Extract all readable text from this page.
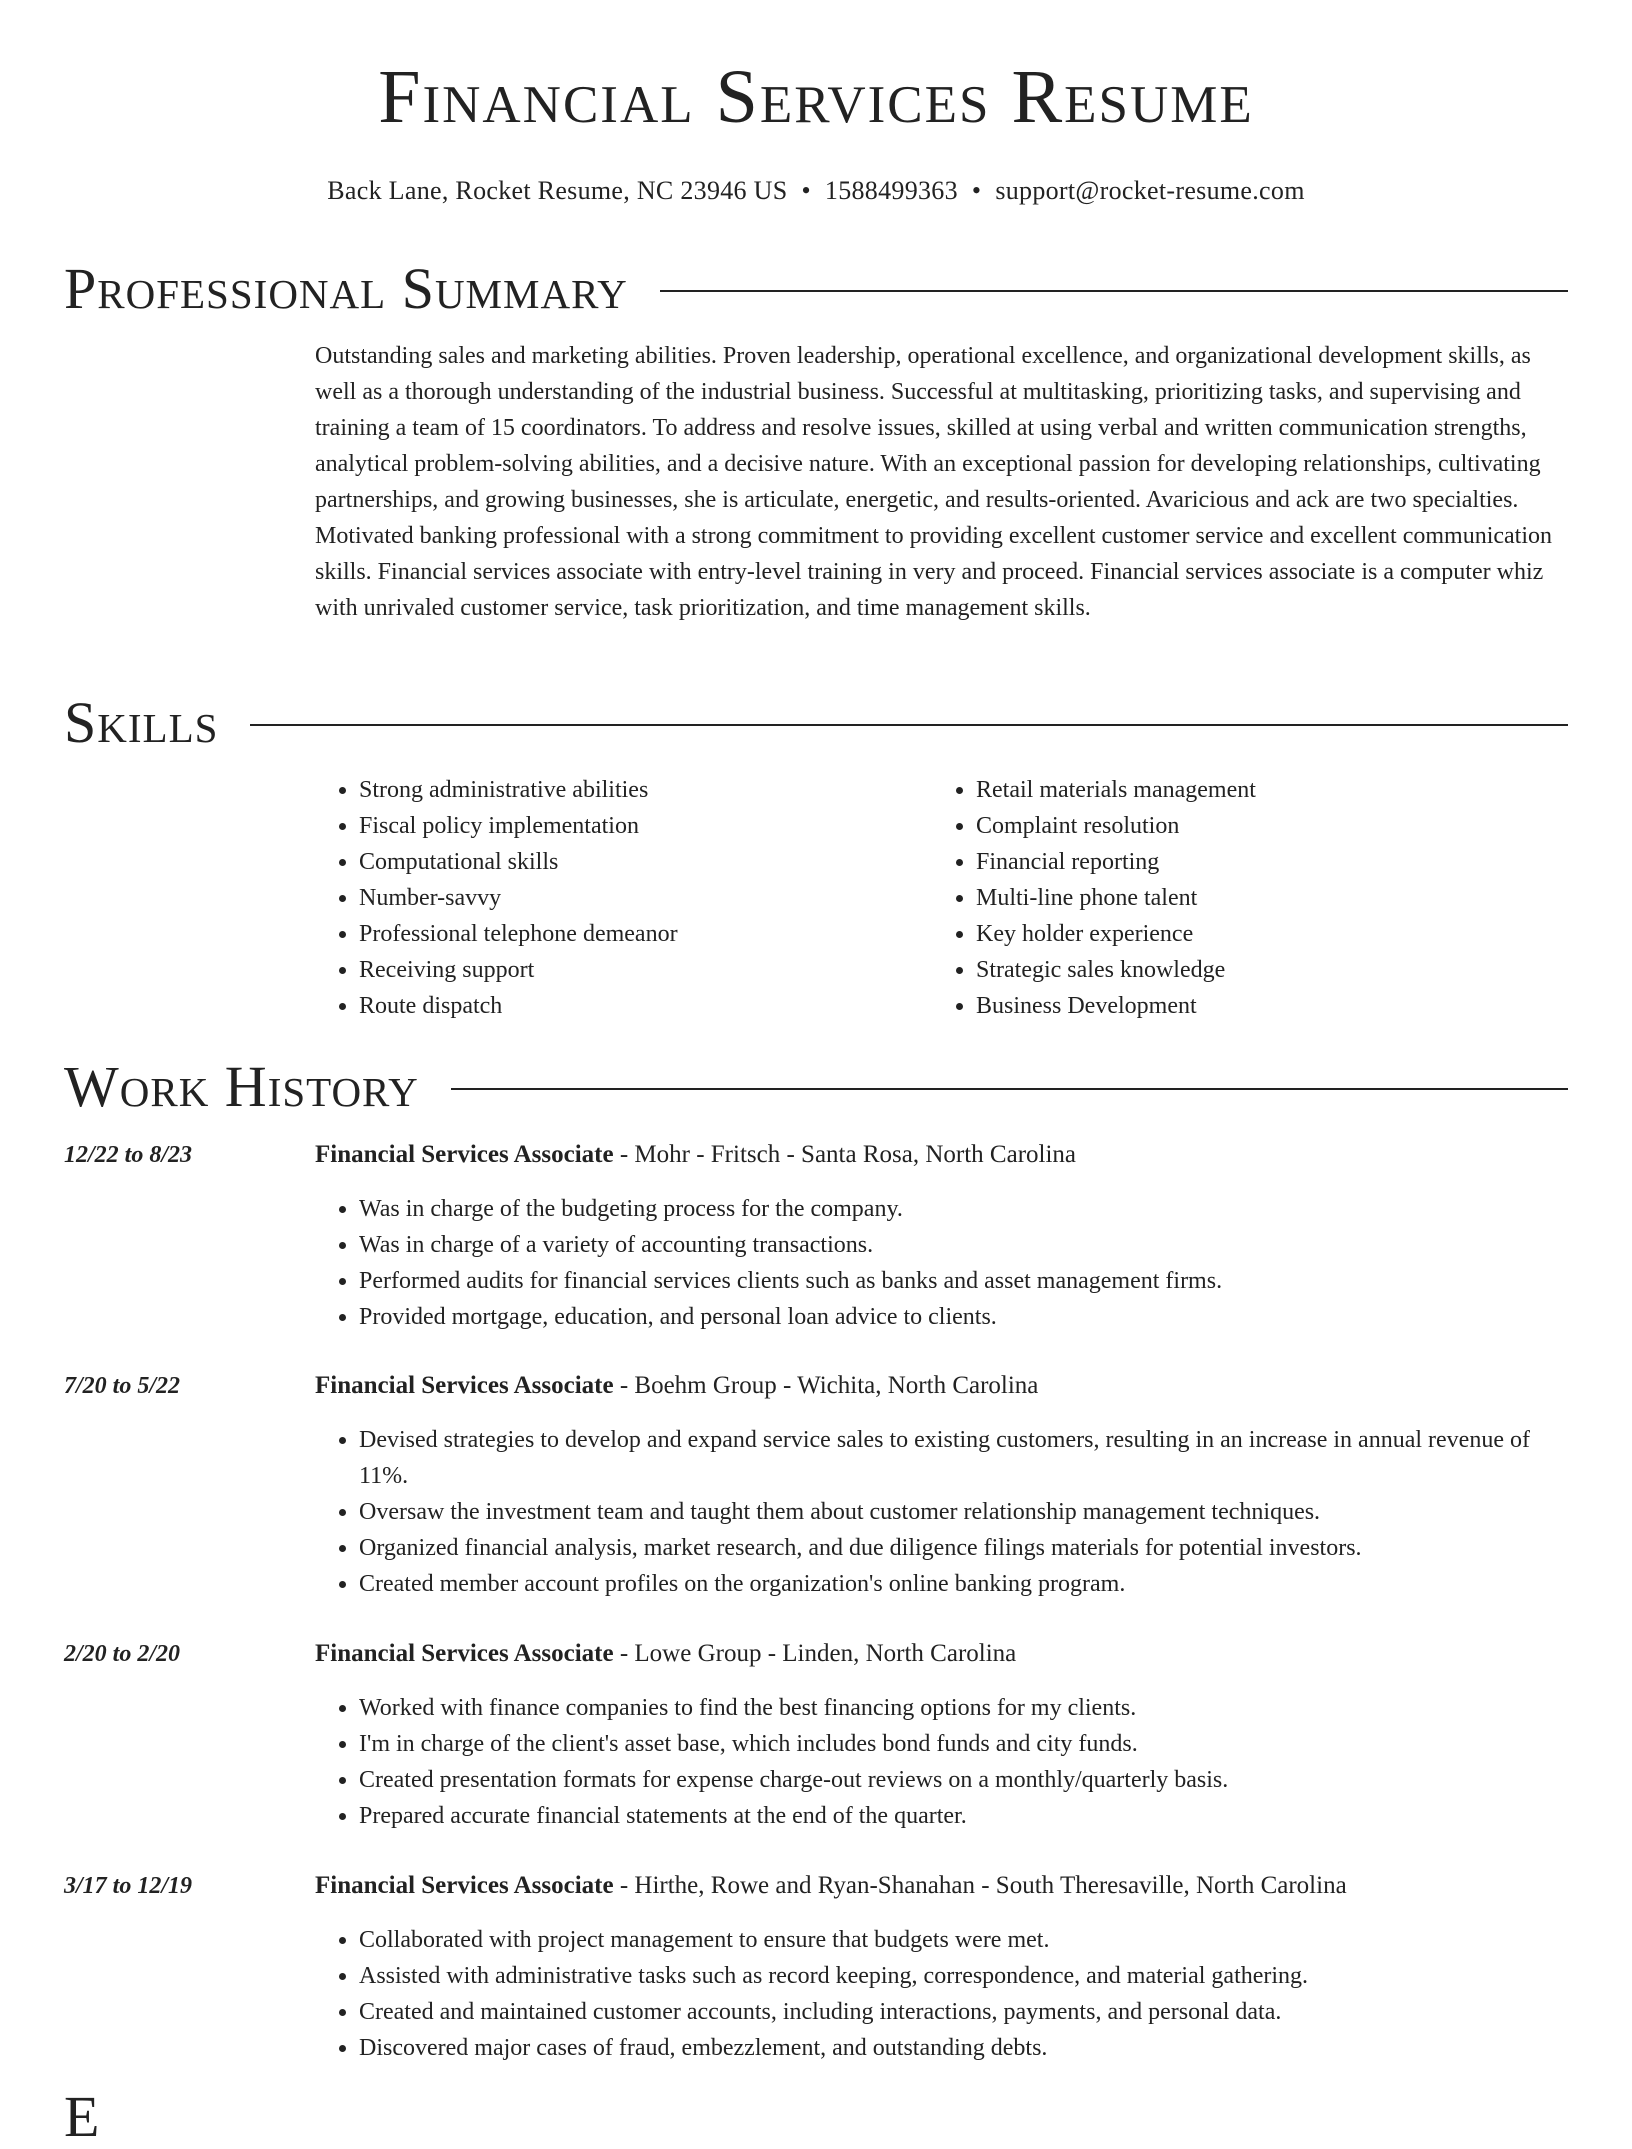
Financial Services Resume
Back Lane, Rocket Resume, NC 23946 US • 1588499363 • support@rocket-resume.com
Professional Summary

Outstanding sales and marketing abilities. Proven leadership, operational excellence, and organizational development skills, as well as a thorough understanding of the industrial business. Successful at multitasking, prioritizing tasks, and supervising and training a team of 15 coordinators. To address and resolve issues, skilled at using verbal and written communication strengths, analytical problem-solving abilities, and a decisive nature. With an exceptional passion for developing relationships, cultivating partnerships, and growing businesses, she is articulate, energetic, and results-oriented. Avaricious and ack are two specialties. Motivated banking professional with a strong commitment to providing excellent customer service and excellent communication skills. Financial services associate with entry-level training in very and proceed. Financial services associate is a computer whiz with unrivaled customer service, task prioritization, and time management skills.

Skills
• Strong administrative abilities
• Fiscal policy implementation
• Computational skills
• Number-savvy
• Professional telephone demeanor
• Receiving support
• Route dispatch
• Retail materials management
• Complaint resolution
• Financial reporting
• Multi-line phone talent
• Key holder experience
• Strategic sales knowledge
• Business Development
Work History
12/22 to 8/23	Financial Services Associate - Mohr - Fritsch - Santa Rosa, North Carolina
• Was in charge of the budgeting process for the company.
• Was in charge of a variety of accounting transactions.
• Performed audits for financial services clients such as banks and asset management firms.
• Provided mortgage, education, and personal loan advice to clients.
7/20 to 5/22	Financial Services Associate - Boehm Group - Wichita, North Carolina
• Devised strategies to develop and expand service sales to existing customers, resulting in an increase in annual revenue of 11%.
• Oversaw the investment team and taught them about customer relationship management techniques.
• Organized financial analysis, market research, and due diligence filings materials for potential investors.
• Created member account profiles on the organization's online banking program.
2/20 to 2/20	Financial Services Associate - Lowe Group - Linden, North Carolina
• Worked with finance companies to find the best financing options for my clients.
• I'm in charge of the client's asset base, which includes bond funds and city funds.
• Created presentation formats for expense charge-out reviews on a monthly/quarterly basis.
• Prepared accurate financial statements at the end of the quarter.
3/17 to 12/19	Financial Services Associate - Hirthe, Rowe and Ryan-Shanahan - South Theresaville, North Carolina
• Collaborated with project management to ensure that budgets were met.
• Assisted with administrative tasks such as record keeping, correspondence, and material gathering.
• Created and maintained customer accounts, including interactions, payments, and personal data.
• Discovered major cases of fraud, embezzlement, and outstanding debts.
E
